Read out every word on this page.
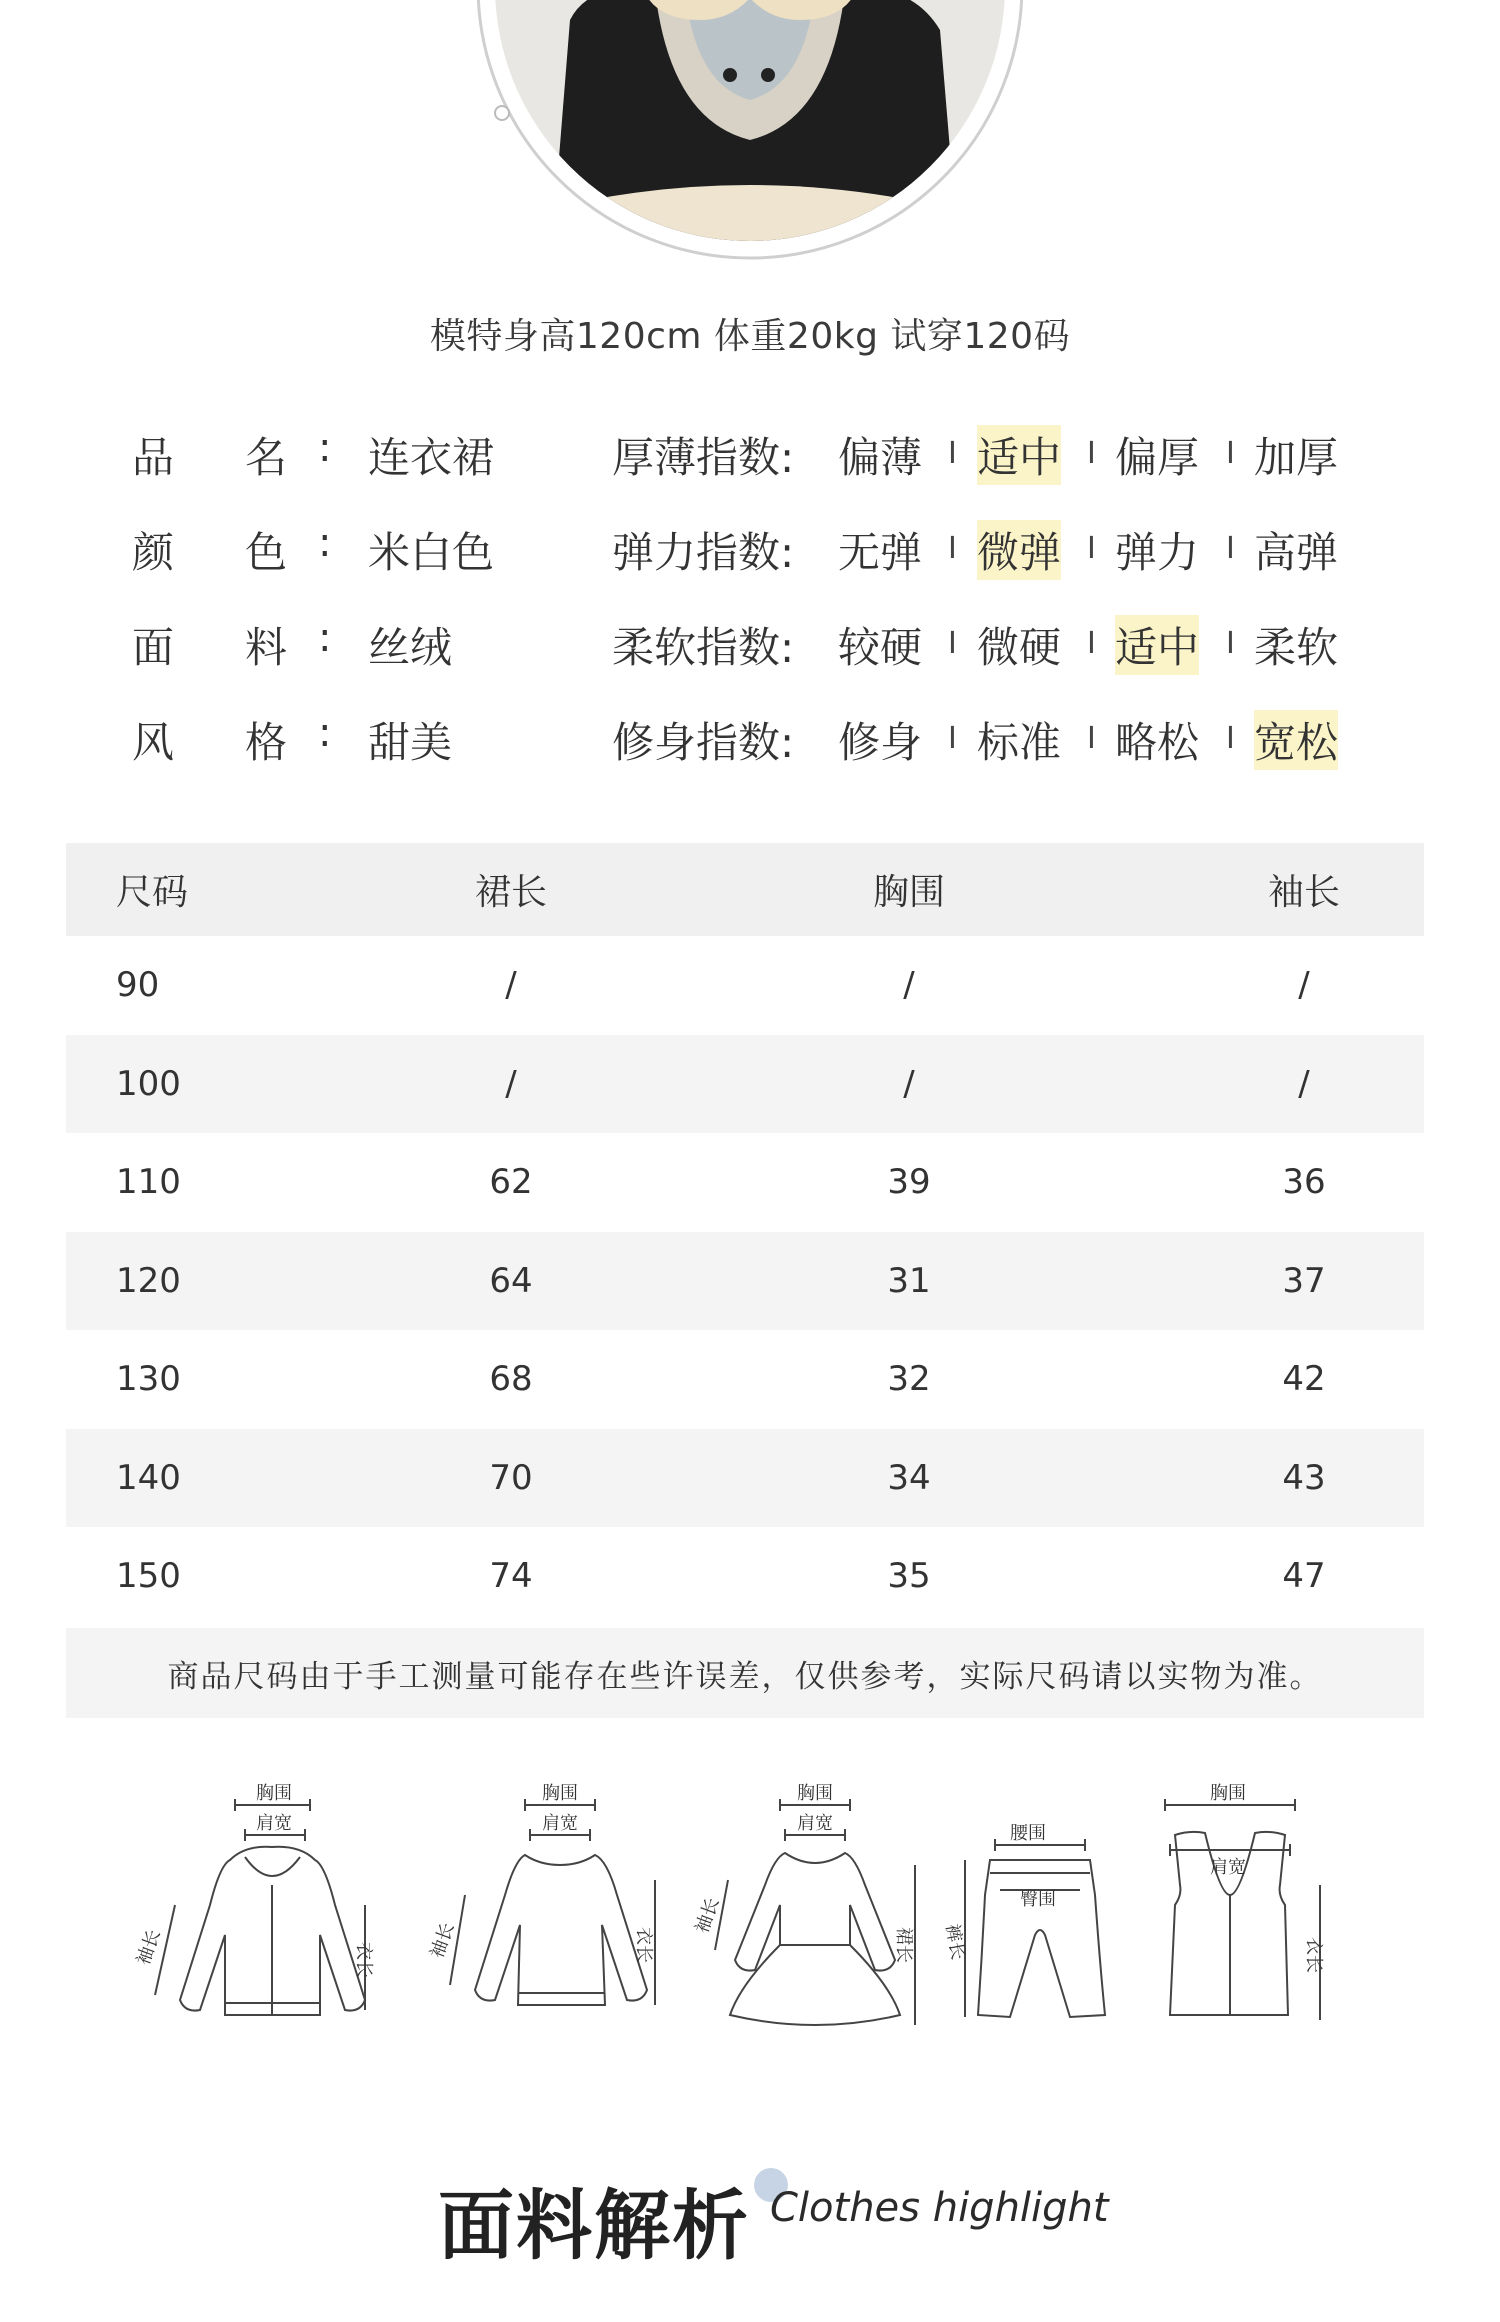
模特身高120cm 体重20kg 试穿120码
品 名 : 连衣裙	厚薄指数: 偏薄 I 适中 I 偏厚 I 加厚
颜 色 : 米白色	弹力指数: 无弹 I 微弹 I 弹力 I 高弹
面 料 : 丝绒	柔软指数: 较硬 I 微硬 I 适中 I 柔软
风 格 : 甜美	修身指数: 修身 I 标准 I 略松 I 宽松
尺码	裙长	胸围	袖长
90	/	/	/
100	/	/	/
110	62	39	36
120	64	31	37
130	68	32	42
140	70	34	43
150	74	35	47
商品尺码由于手工测量可能存在些许误差，仅供参考，实际尺码请以实物为准。
胸围
肩宽
袖长	衣长
胸围
肩宽
袖长	衣长
胸围
肩宽
袖长
裙长
腰围
臀围
裤长
胸围
肩宽
衣长
面料解析 Clothes highlight
